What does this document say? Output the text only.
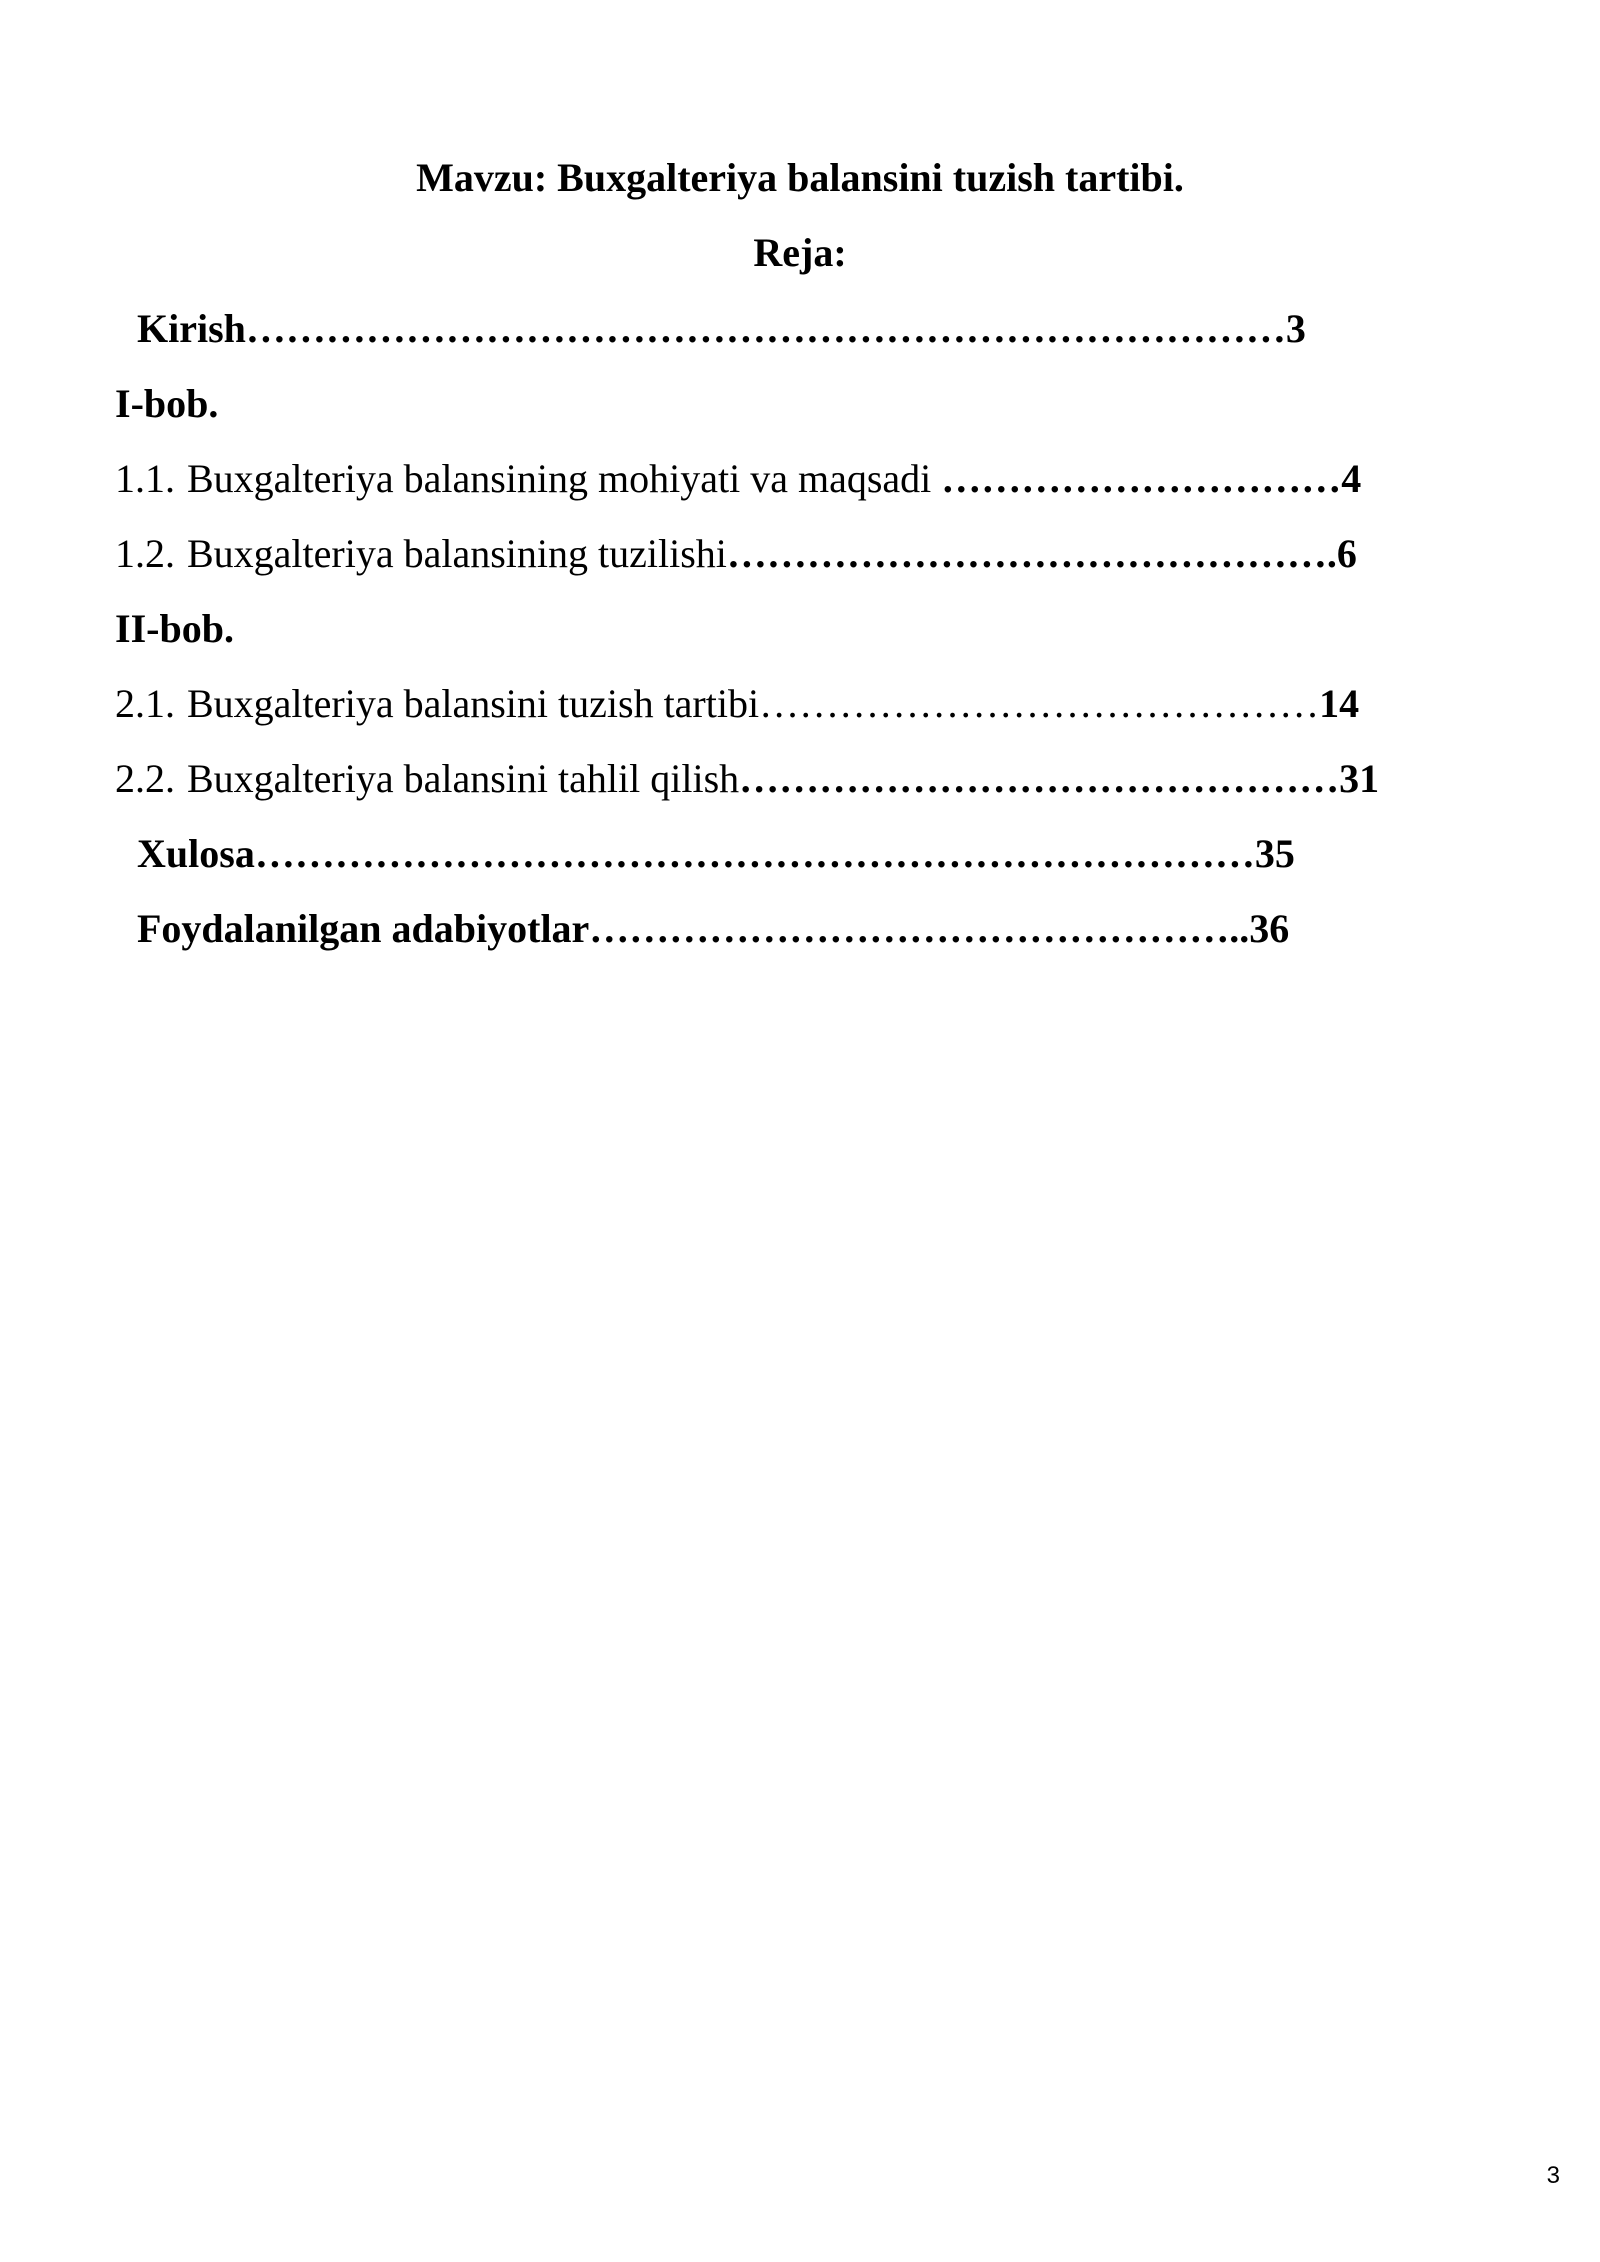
Mavzu: Buxgalteriya balansini tuzish tartibi.
Reja:
Kirish……………………………………………………………………3
I-bob.
1.1. Buxgalteriya balansining mohiyati va maqsadi …………………………4
1.2. Buxgalteriya balansining tuzilishi……………………………………….6
II-bob.
2.1. Buxgalteriya balansini tuzish tartibi……………………………………14
2.2. Buxgalteriya balansini tahlil qilish………………………………………31
Xulosa…………………………………………………………………35
Foydalanilgan adabiyotlar…………………………………………..36
3
